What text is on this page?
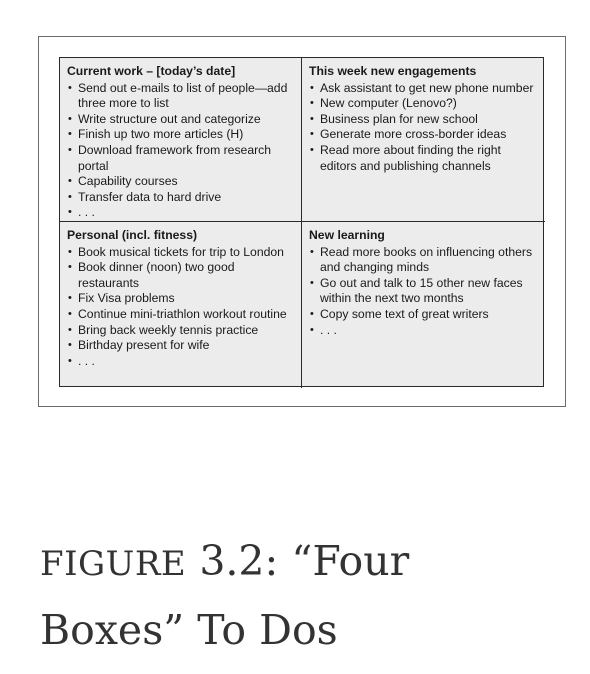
Current work – [today’s date]
• Send out e-mails to list of people—add three more to list
• Write structure out and categorize
• Finish up two more articles (H)
• Download framework from research portal
• Capability courses
• Transfer data to hard drive
• . . .
This week new engagements
• Ask assistant to get new phone number
• New computer (Lenovo?)
• Business plan for new school
• Generate more cross-border ideas
• Read more about finding the right editors and publishing channels
Personal (incl. fitness)
• Book musical tickets for trip to London
• Book dinner (noon) two good restaurants
• Fix Visa problems
• Continue mini-triathlon workout routine
• Bring back weekly tennis practice
• Birthday present for wife
• . . .
New learning
• Read more books on influencing others and changing minds
• Go out and talk to 15 other new faces within the next two months
• Copy some text of great writers
• . . .
FIGURE 3.2: “Four Boxes” To Dos
